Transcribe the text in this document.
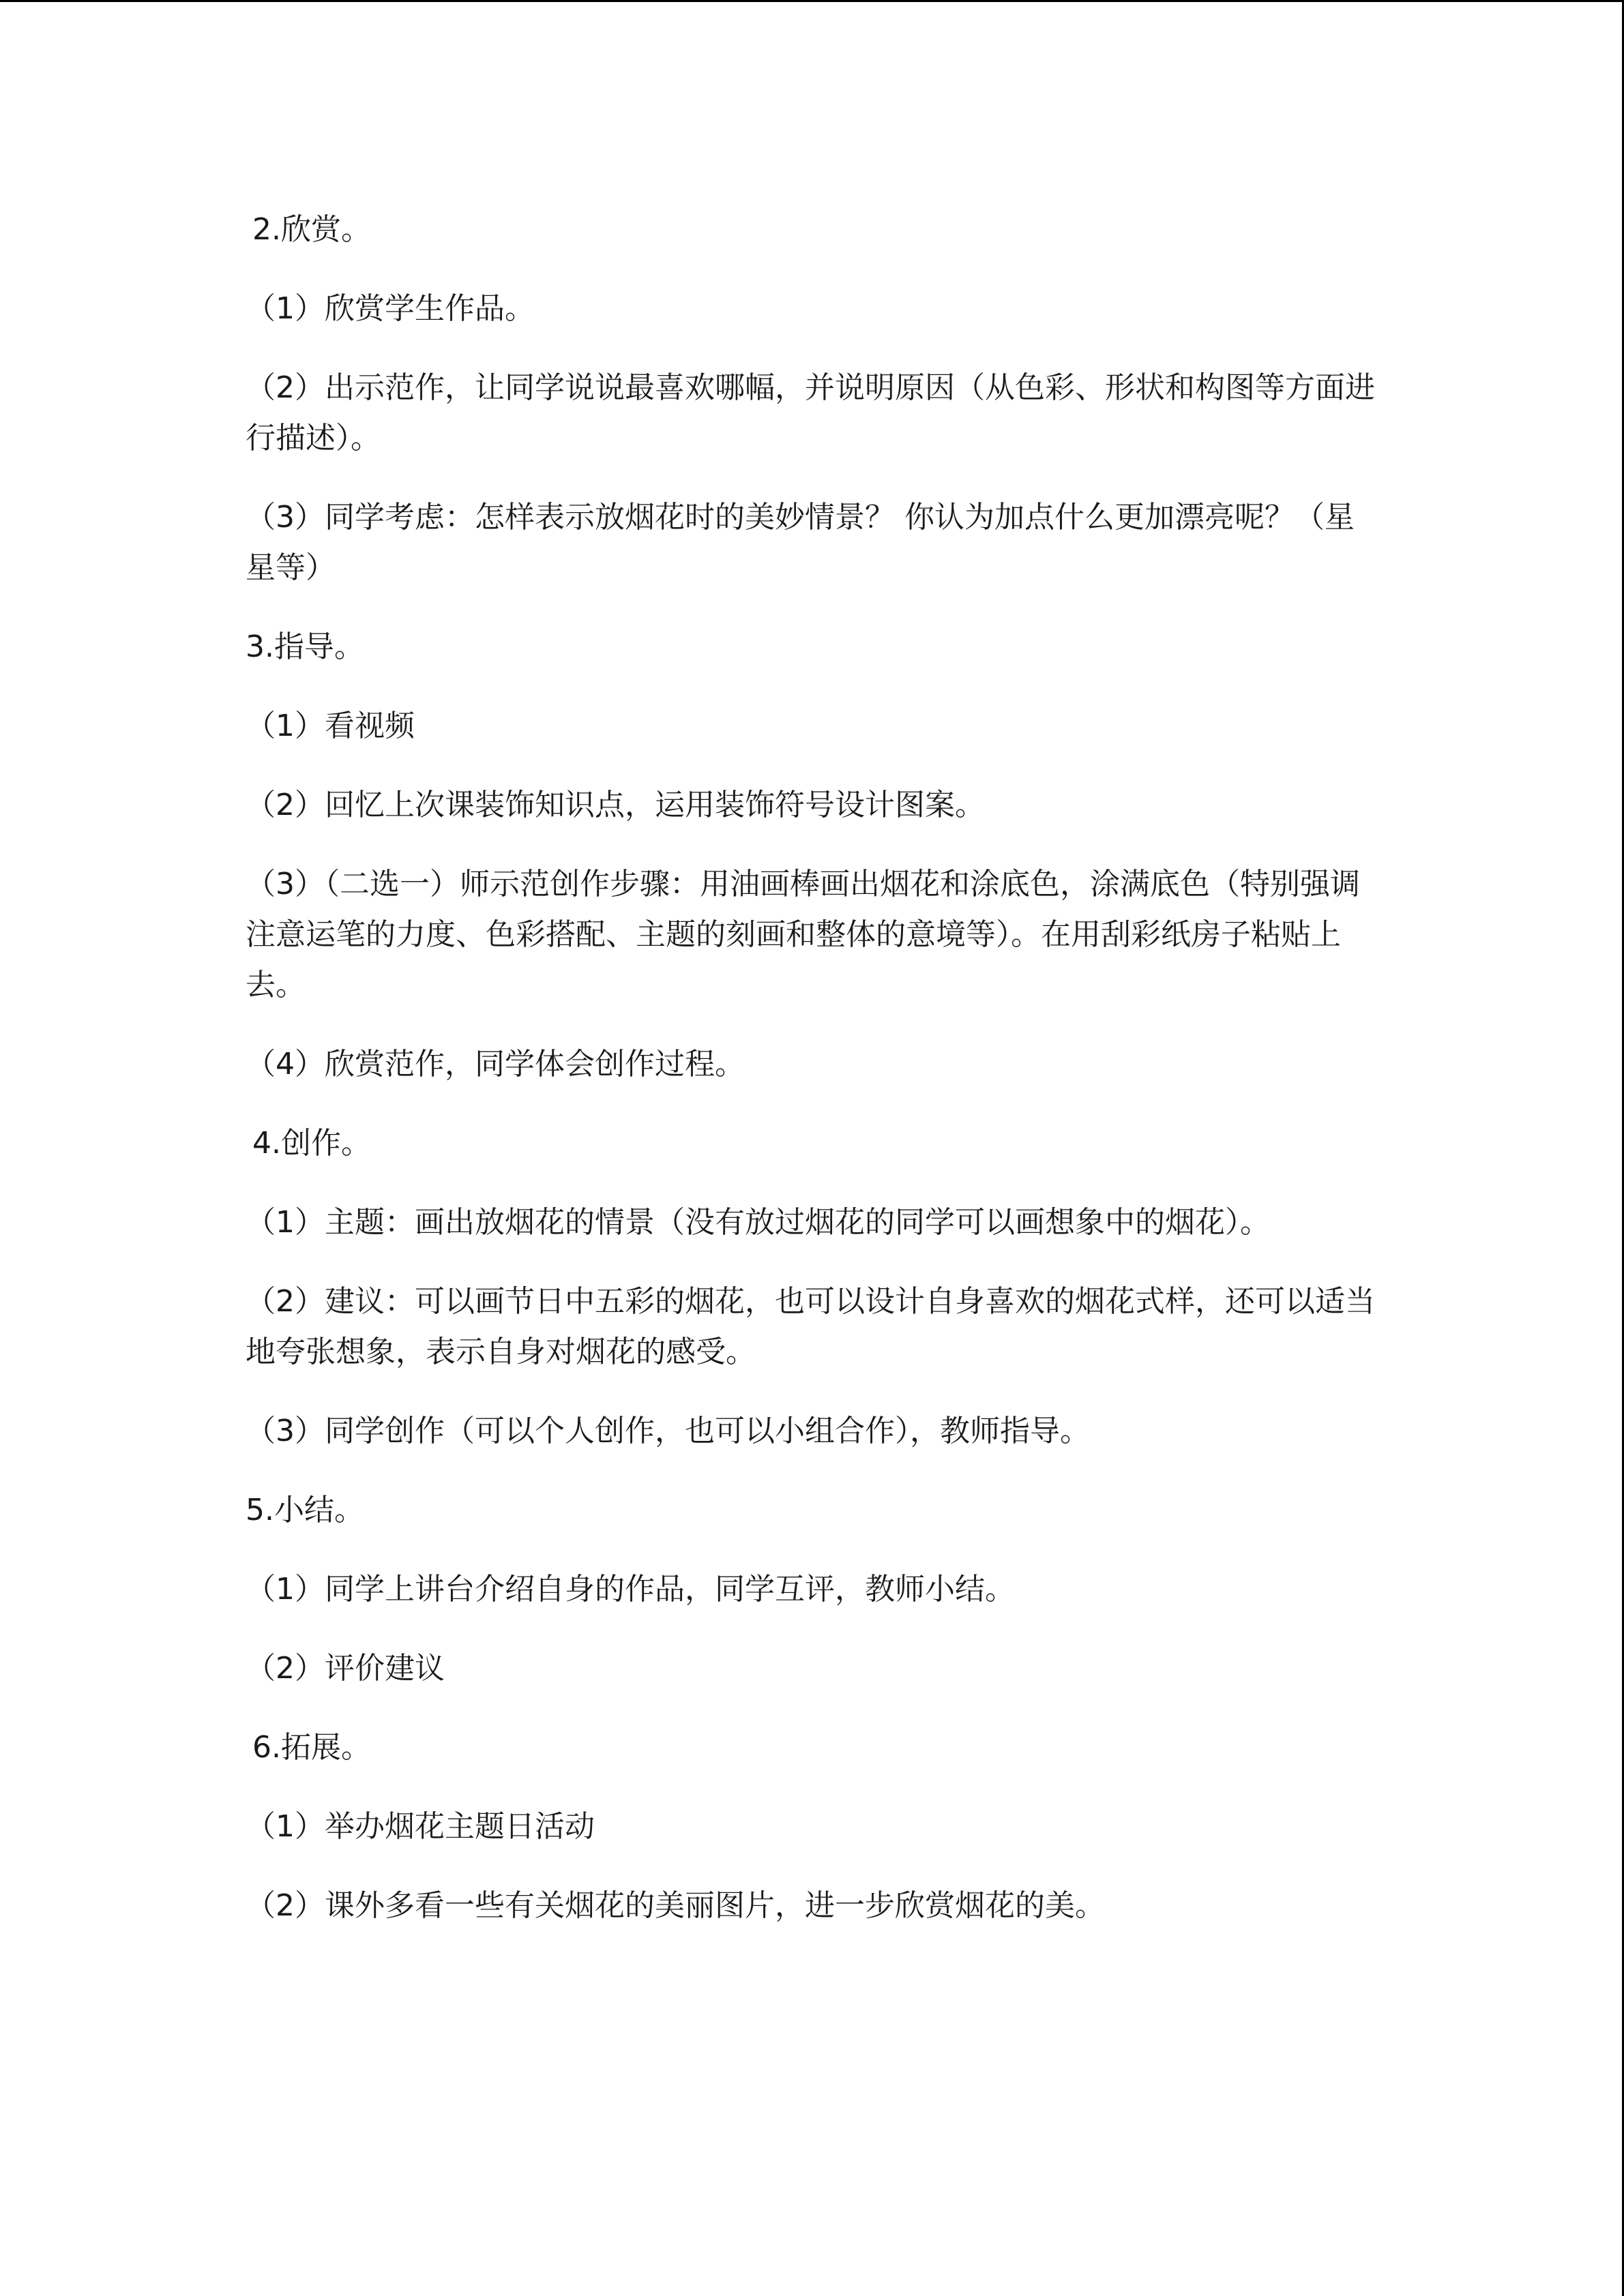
2.欣赏。

（1）欣赏学生作品。

（2）出示范作，让同学说说最喜欢哪幅，并说明原因（从色彩、形状和构图等方面进行描述）。

（3）同学考虑：怎样表示放烟花时的美妙情景？ 你认为加点什么更加漂亮呢？（星星等）

3.指导。

（1）看视频

（2）回忆上次课装饰知识点，运用装饰符号设计图案。

（3）（二选一）师示范创作步骤：用油画棒画出烟花和涂底色，涂满底色（特别强调注意运笔的力度、色彩搭配、主题的刻画和整体的意境等）。在用刮彩纸房子粘贴上去。

（4）欣赏范作，同学体会创作过程。

4.创作。

（1）主题：画出放烟花的情景（没有放过烟花的同学可以画想象中的烟花）。

（2）建议：可以画节日中五彩的烟花，也可以设计自身喜欢的烟花式样，还可以适当地夸张想象，表示自身对烟花的感受。

（3）同学创作（可以个人创作，也可以小组合作），教师指导。

5.小结。

（1）同学上讲台介绍自身的作品，同学互评，教师小结。

（2）评价建议

6.拓展。

（1）举办烟花主题日活动

（2）课外多看一些有关烟花的美丽图片，进一步欣赏烟花的美。
